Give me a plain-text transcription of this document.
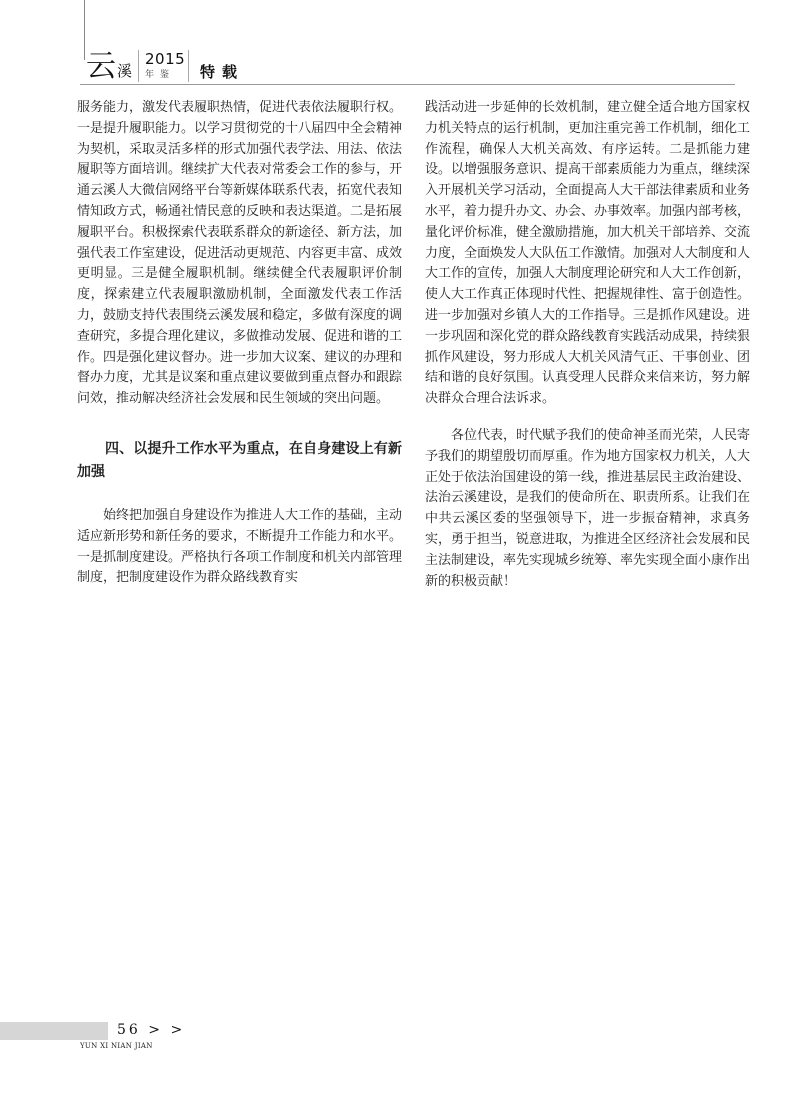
云 溪
2015
年鉴 特载

服务能力，激发代表履职热情，促进代表依法履职行权。一是提升履职能力。以学习贯彻党的十八届四中全会精神为契机，采取灵活多样的形式加强代表学法、用法、依法履职等方面培训。继续扩大代表对常委会工作的参与，开通云溪人大微信网络平台等新媒体联系代表，拓宽代表知情知政方式，畅通社情民意的反映和表达渠道。二是拓展履职平台。积极探索代表联系群众的新途径、新方法，加强代表工作室建设，促进活动更规范、内容更丰富、成效更明显。三是健全履职机制。继续健全代表履职评价制度，探索建立代表履职激励机制，全面激发代表工作活力，鼓励支持代表围绕云溪发展和稳定，多做有深度的调查研究，多提合理化建议，多做推动发展、促进和谐的工作。四是强化建议督办。进一步加大议案、建议的办理和督办力度，尤其是议案和重点建议要做到重点督办和跟踪问效，推动解决经济社会发展和民生领域的突出问题。

四、以提升工作水平为重点，在自身建设上有新加强

始终把加强自身建设作为推进人大工作的基础，主动适应新形势和新任务的要求，不断提升工作能力和水平。一是抓制度建设。严格执行各项工作制度和机关内部管理制度，把制度建设作为群众路线教育实

践活动进一步延伸的长效机制，建立健全适合地方国家权力机关特点的运行机制，更加注重完善工作机制，细化工作流程，确保人大机关高效、有序运转。二是抓能力建设。以增强服务意识、提高干部素质能力为重点，继续深入开展机关学习活动，全面提高人大干部法律素质和业务水平，着力提升办文、办会、办事效率。加强内部考核，量化评价标准，健全激励措施，加大机关干部培养、交流力度，全面焕发人大队伍工作激情。加强对人大制度和人大工作的宣传，加强人大制度理论研究和人大工作创新，使人大工作真正体现时代性、把握规律性、富于创造性。进一步加强对乡镇人大的工作指导。三是抓作风建设。进一步巩固和深化党的群众路线教育实践活动成果，持续狠抓作风建设，努力形成人大机关风清气正、干事创业、团结和谐的良好氛围。认真受理人民群众来信来访，努力解决群众合理合法诉求。

各位代表，时代赋予我们的使命神圣而光荣，人民寄予我们的期望殷切而厚重。作为地方国家权力机关，人大正处于依法治国建设的第一线，推进基层民主政治建设、法治云溪建设，是我们的使命所在、职责所系。让我们在中共云溪区委的坚强领导下，进一步振奋精神，求真务实，勇于担当，锐意进取，为推进全区经济社会发展和民主法制建设，率先实现城乡统筹、率先实现全面小康作出新的积极贡献！

56 > >
YUN XI NIAN JIAN
